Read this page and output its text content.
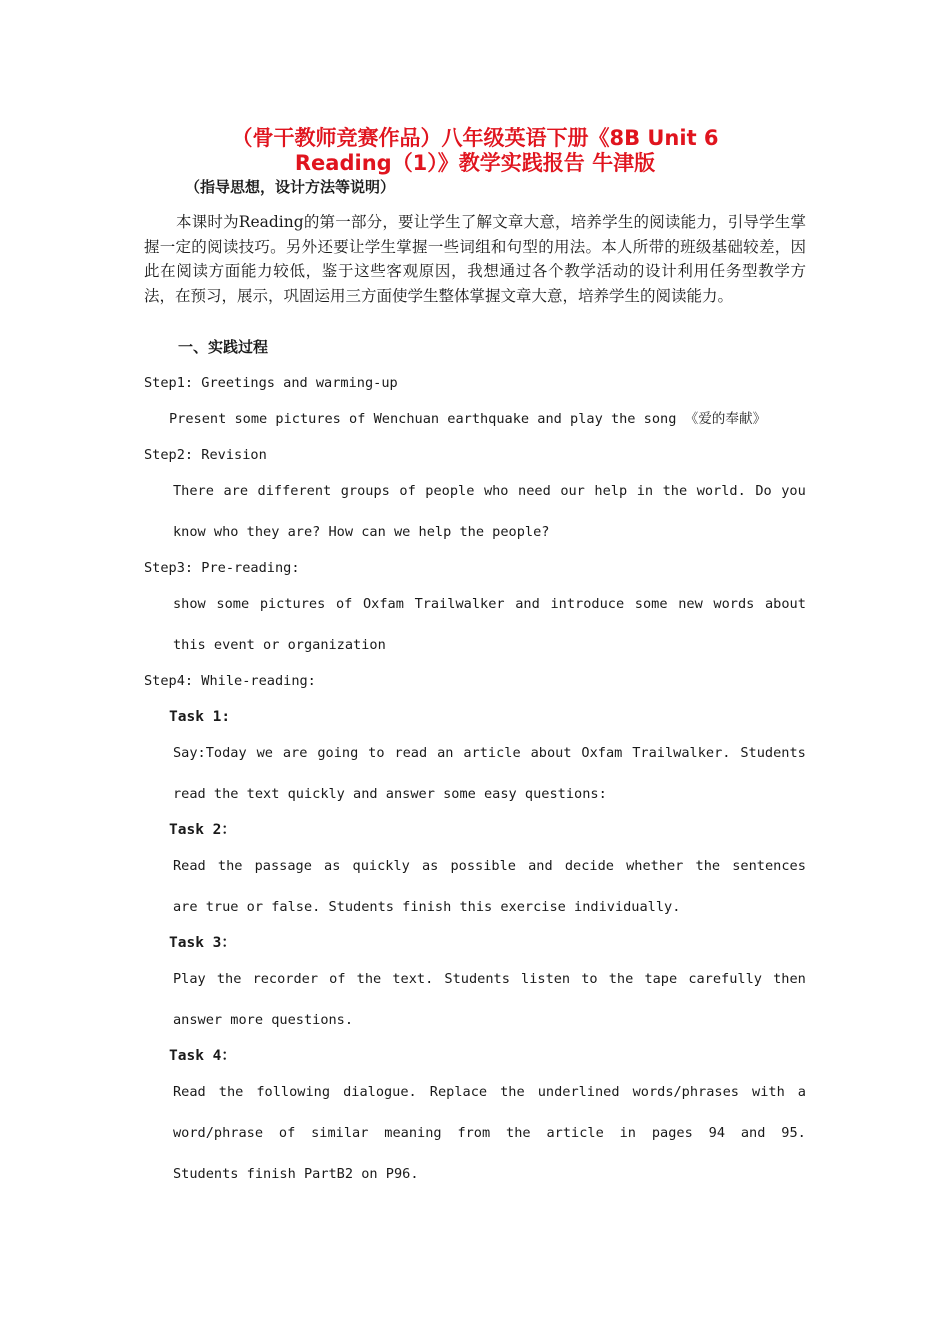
（骨干教师竞赛作品）八年级英语下册《8B Unit 6
Reading（1）》教学实践报告 牛津版
（指导思想，设计方法等说明）

本课时为Reading的第一部分，要让学生了解文章大意，培养学生的阅读能力，引导学生掌握一定的阅读技巧。另外还要让学生掌握一些词组和句型的用法。本人所带的班级基础较差，因此在阅读方面能力较低，鉴于这些客观原因，我想通过各个教学活动的设计利用任务型教学方法，在预习，展示，巩固运用三方面使学生整体掌握文章大意，培养学生的阅读能力。

一、实践过程
Step1: Greetings and warming-up
Present some pictures of Wenchuan earthquake and play the song 《爱的奉献》
Step2: Revision
There are different groups of people who need our help in the world. Do you
know who they are? How can we help the people?
Step3: Pre-reading:
show some pictures of Oxfam Trailwalker and introduce some new words about
this event or organization
Step4: While-reading:
Task 1:
Say:Today we are going to read an article about Oxfam Trailwalker. Students
read the text quickly and answer some easy questions:
Task 2：
Read the passage as quickly as possible and decide whether the sentences
are true or false. Students finish this exercise individually.
Task 3：
Play the recorder of the text. Students listen to the tape carefully then
answer more questions.
Task 4：
Read the following dialogue. Replace the underlined words/phrases with a
word/phrase of similar meaning from the article in pages 94 and 95.
Students finish PartB2 on P96.
